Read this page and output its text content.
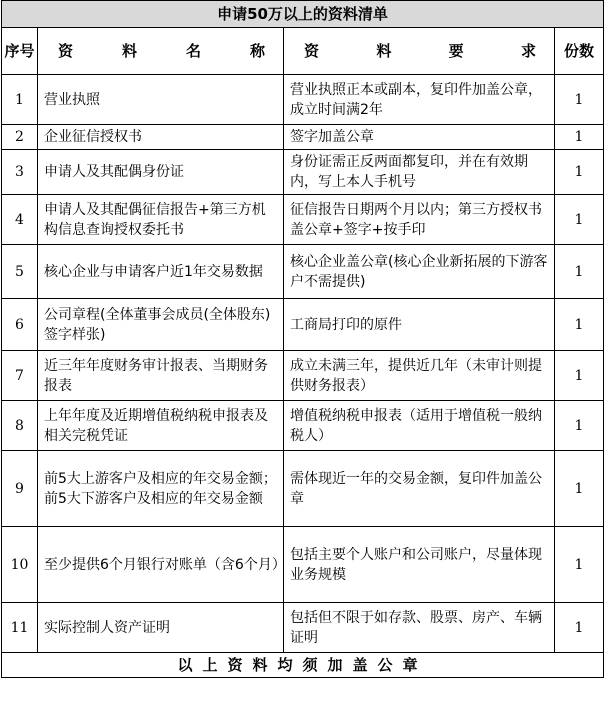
申请50万以上的资料清单			
序号	资料名称	资料要求	份数
1	营业执照	营业执照正本或副本，复印件加盖公章，成立时间满2年	1
2	企业征信授权书	签字加盖公章	1
3	申请人及其配偶身份证	身份证需正反两面都复印，并在有效期内，写上本人手机号	1
4	申请人及其配偶征信报告+第三方机构信息查询授权委托书	征信报告日期两个月以内；第三方授权书盖公章+签字+按手印	1
5	核心企业与申请客户近1年交易数据	核心企业盖公章(核心企业新拓展的下游客户不需提供)	1
6	公司章程(全体董事会成员(全体股东)签字样张)	工商局打印的原件	1
7	近三年年度财务审计报表、当期财务报表	成立未满三年，提供近几年（未审计则提供财务报表）	1
8	上年年度及近期增值税纳税申报表及相关完税凭证	增值税纳税申报表（适用于增值税一般纳税人）	1
9	前5大上游客户及相应的年交易金额；前5大下游客户及相应的年交易金额	需体现近一年的交易金额，复印件加盖公章	1
10	至少提供6个月银行对账单（含6个月）	包括主要个人账户和公司账户，尽量体现业务规模	1
11	实际控制人资产证明	包括但不限于如存款、股票、房产、车辆证明	1
以上资料均须加盖公章			
